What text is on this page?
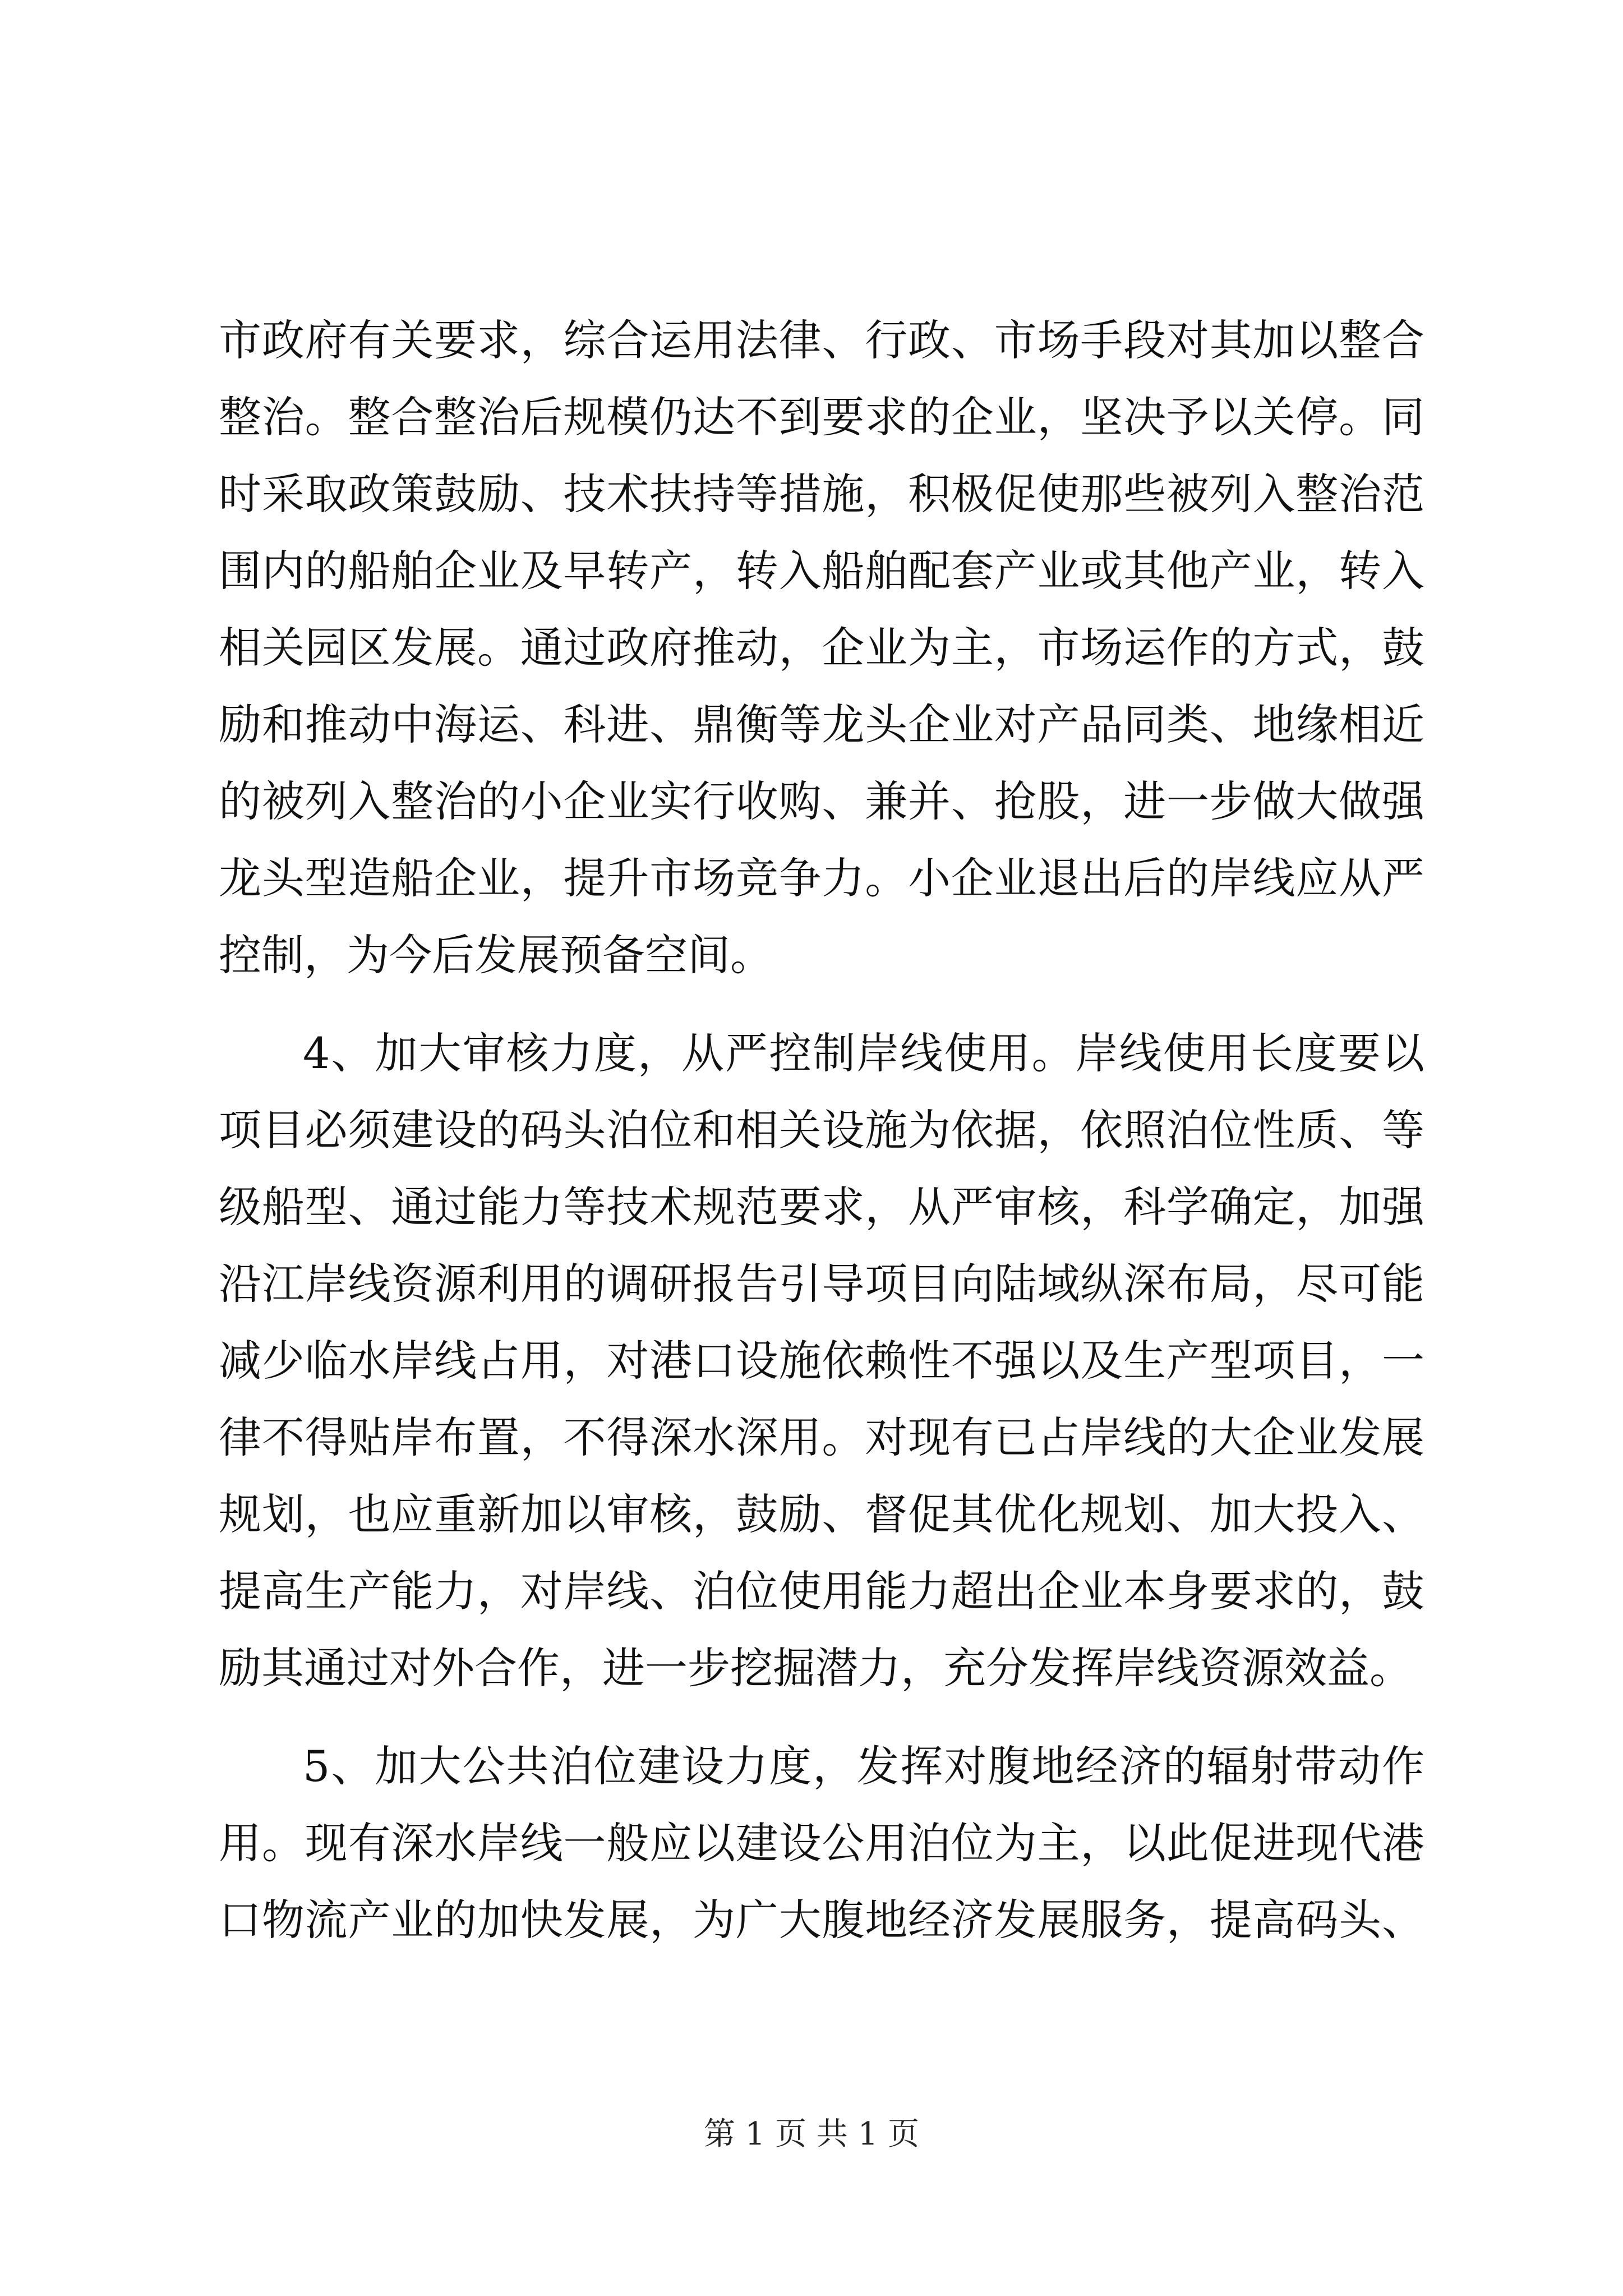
市政府有关要求，综合运用法律、行政、市场手段对其加以整合
整治。整合整治后规模仍达不到要求的企业，坚决予以关停。同
时采取政策鼓励、技术扶持等措施，积极促使那些被列入整治范
围内的船舶企业及早转产，转入船舶配套产业或其他产业，转入
相关园区发展。通过政府推动，企业为主，市场运作的方式，鼓
励和推动中海运、科进、鼎衡等龙头企业对产品同类、地缘相近
的被列入整治的小企业实行收购、兼并、抢股，进一步做大做强
龙头型造船企业，提升市场竞争力。小企业退出后的岸线应从严
控制，为今后发展预备空间。
4、加大审核力度，从严控制岸线使用。岸线使用长度要以
项目必须建设的码头泊位和相关设施为依据，依照泊位性质、等
级船型、通过能力等技术规范要求，从严审核，科学确定，加强
沿江岸线资源利用的调研报告引导项目向陆域纵深布局，尽可能
减少临水岸线占用，对港口设施依赖性不强以及生产型项目，一
律不得贴岸布置，不得深水深用。对现有已占岸线的大企业发展
规划，也应重新加以审核，鼓励、督促其优化规划、加大投入、
提高生产能力，对岸线、泊位使用能力超出企业本身要求的，鼓
励其通过对外合作，进一步挖掘潜力，充分发挥岸线资源效益。
5、加大公共泊位建设力度，发挥对腹地经济的辐射带动作
用。现有深水岸线一般应以建设公用泊位为主，以此促进现代港
口物流产业的加快发展，为广大腹地经济发展服务，提高码头、
第 1 页 共 1 页
